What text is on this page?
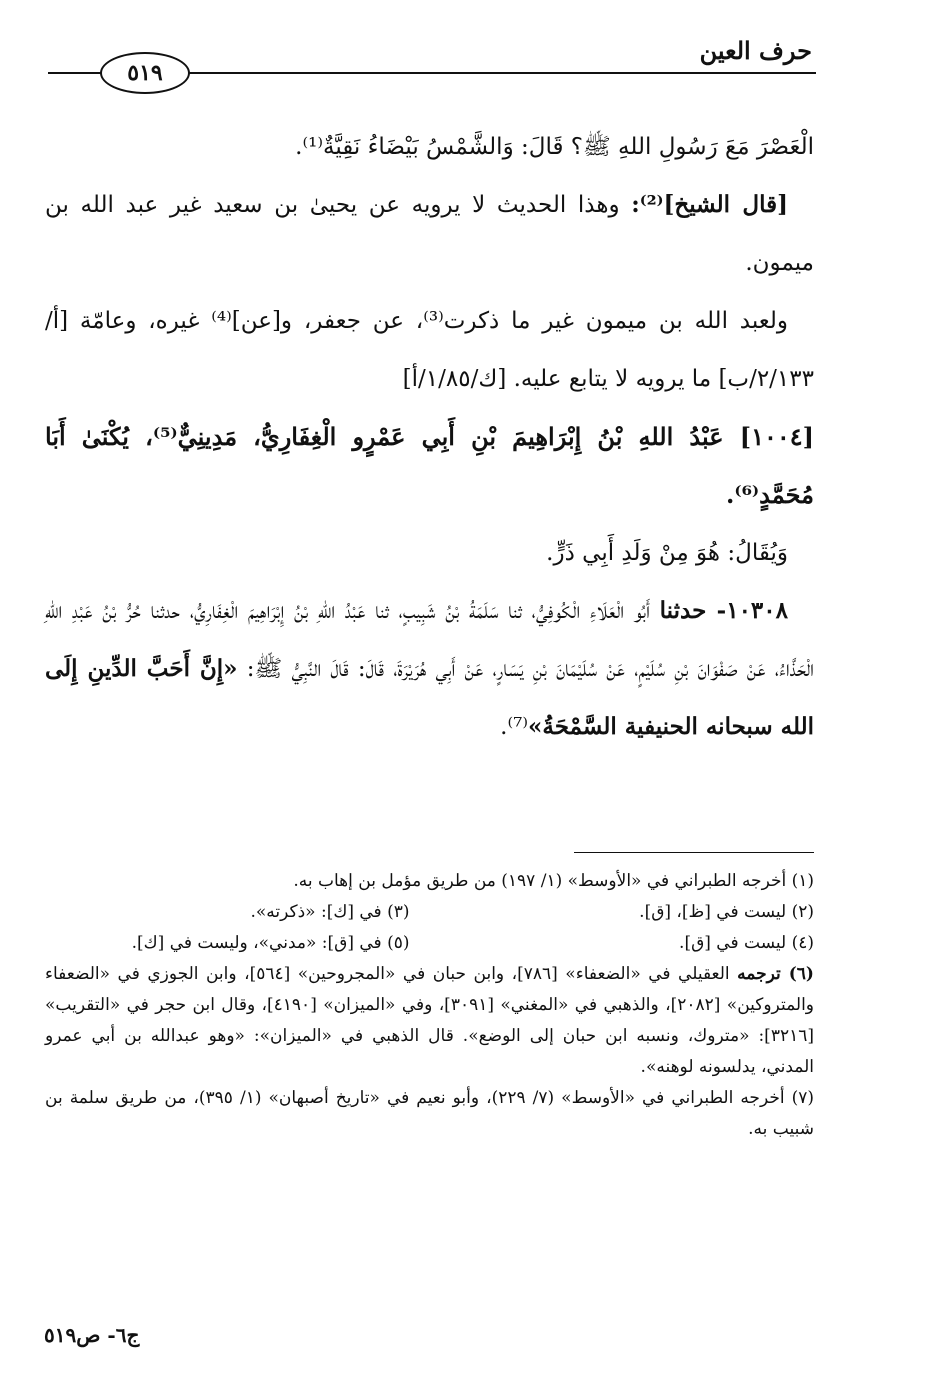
حرف العين
٥١٩

الْعَصْرَ مَعَ رَسُولِ اللهِ ﷺ؟ قَالَ: وَالشَّمْسُ بَيْضَاءُ نَقِيَّةٌ⁽¹⁾.

[قال الشيخ]⁽²⁾: وهذا الحديث لا يرويه عن يحيىٰ بن سعيد غير عبد الله بن ميمون.

ولعبد الله بن ميمون غير ما ذكرت⁽³⁾، عن جعفر، و[عن]⁽⁴⁾ غيره، وعامّة [أ/٢/١٣٣/ب] ما يرويه لا يتابع عليه. [ك/١/٨٥/أ]

[١٠٠٤] عَبْدُ اللهِ بْنُ إِبْرَاهِيمَ بْنِ أَبِي عَمْرٍو الْغِفَارِيُّ، مَدِينِيٌّ⁽⁵⁾، يُكْنَىٰ أَبَا مُحَمَّدٍ⁽⁶⁾.

وَيُقَالُ: هُوَ مِنْ وَلَدِ أَبِي ذَرٍّ.

١٠٣٠٨- حدثنا أَبُو الْعَلَاءِ الْكُوفِيُّ، ثنا سَلَمَةُ بْنُ شَبِيبٍ، ثنا عَبْدُ اللهِ بْنُ إِبْرَاهِيمَ الْغِفَارِيُّ، حدثنا حُرُّ بْنُ عَبْدِ اللهِ الْحَذَّاءُ، عَنْ صَفْوَانَ بْنِ سُلَيْمٍ، عَنْ سُلَيْمَانَ بْنِ يَسَارٍ، عَنْ أَبِي هُرَيْرَةَ، قَالَ: قَالَ النَّبِيُّ ﷺ: «إِنَّ أَحَبَّ الدِّينِ إِلَى الله سبحانه الحنيفية السَّمْحَةُ»⁽⁷⁾.

(١) أخرجه الطبراني في «الأوسط» (١/ ١٩٧) من طريق مؤمل بن إهاب به.

(٢) ليست في [ظ]، [ق].

(٣) في [ك]: «ذكرته».

(٤) ليست في [ق].

(٥) في [ق]: «مدني»، وليست في [ك].

(٦) ترجمه العقيلي في «الضعفاء» [٧٨٦]، وابن حبان في «المجروحين» [٥٦٤]، وابن الجوزي في «الضعفاء والمتروكين» [٢٠٨٢]، والذهبي في «المغني» [٣٠٩١]، وفي «الميزان» [٤١٩٠]، وقال ابن حجر في «التقريب» [٣٢١٦]: «متروك، ونسبه ابن حبان إلى الوضع». قال الذهبي في «الميزان»: «وهو عبدالله بن أبي عمرو المدني، يدلسونه لوهنه».

(٧) أخرجه الطبراني في «الأوسط» (٧/ ٢٢٩)، وأبو نعيم في «تاريخ أصبهان» (١/ ٣٩٥)، من طريق سلمة بن شبيب به.

ج٦- ص٥١٩
